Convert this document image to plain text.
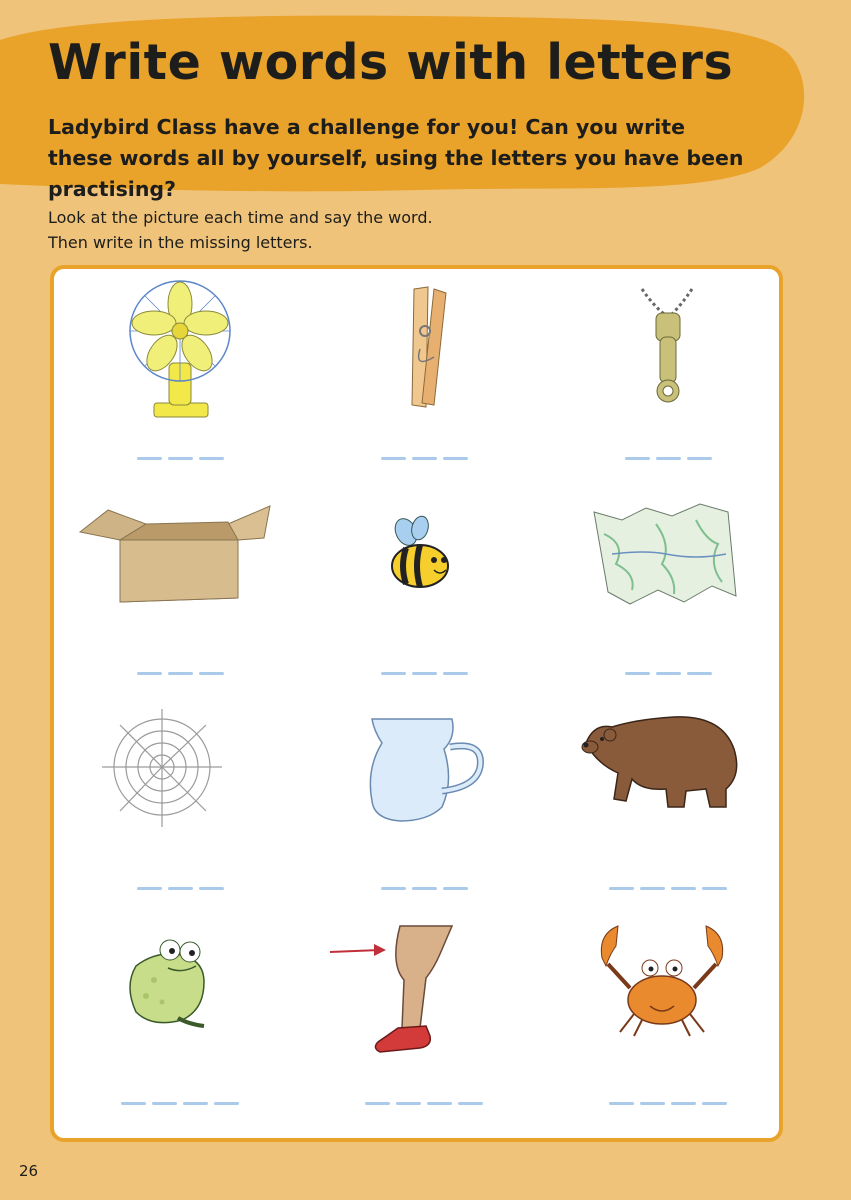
Write words with letters
Ladybird Class have a challenge for you! Can you write these words all by yourself, using the letters you have been practising?
Look at the picture each time and say the word.
Then write in the missing letters.
26
